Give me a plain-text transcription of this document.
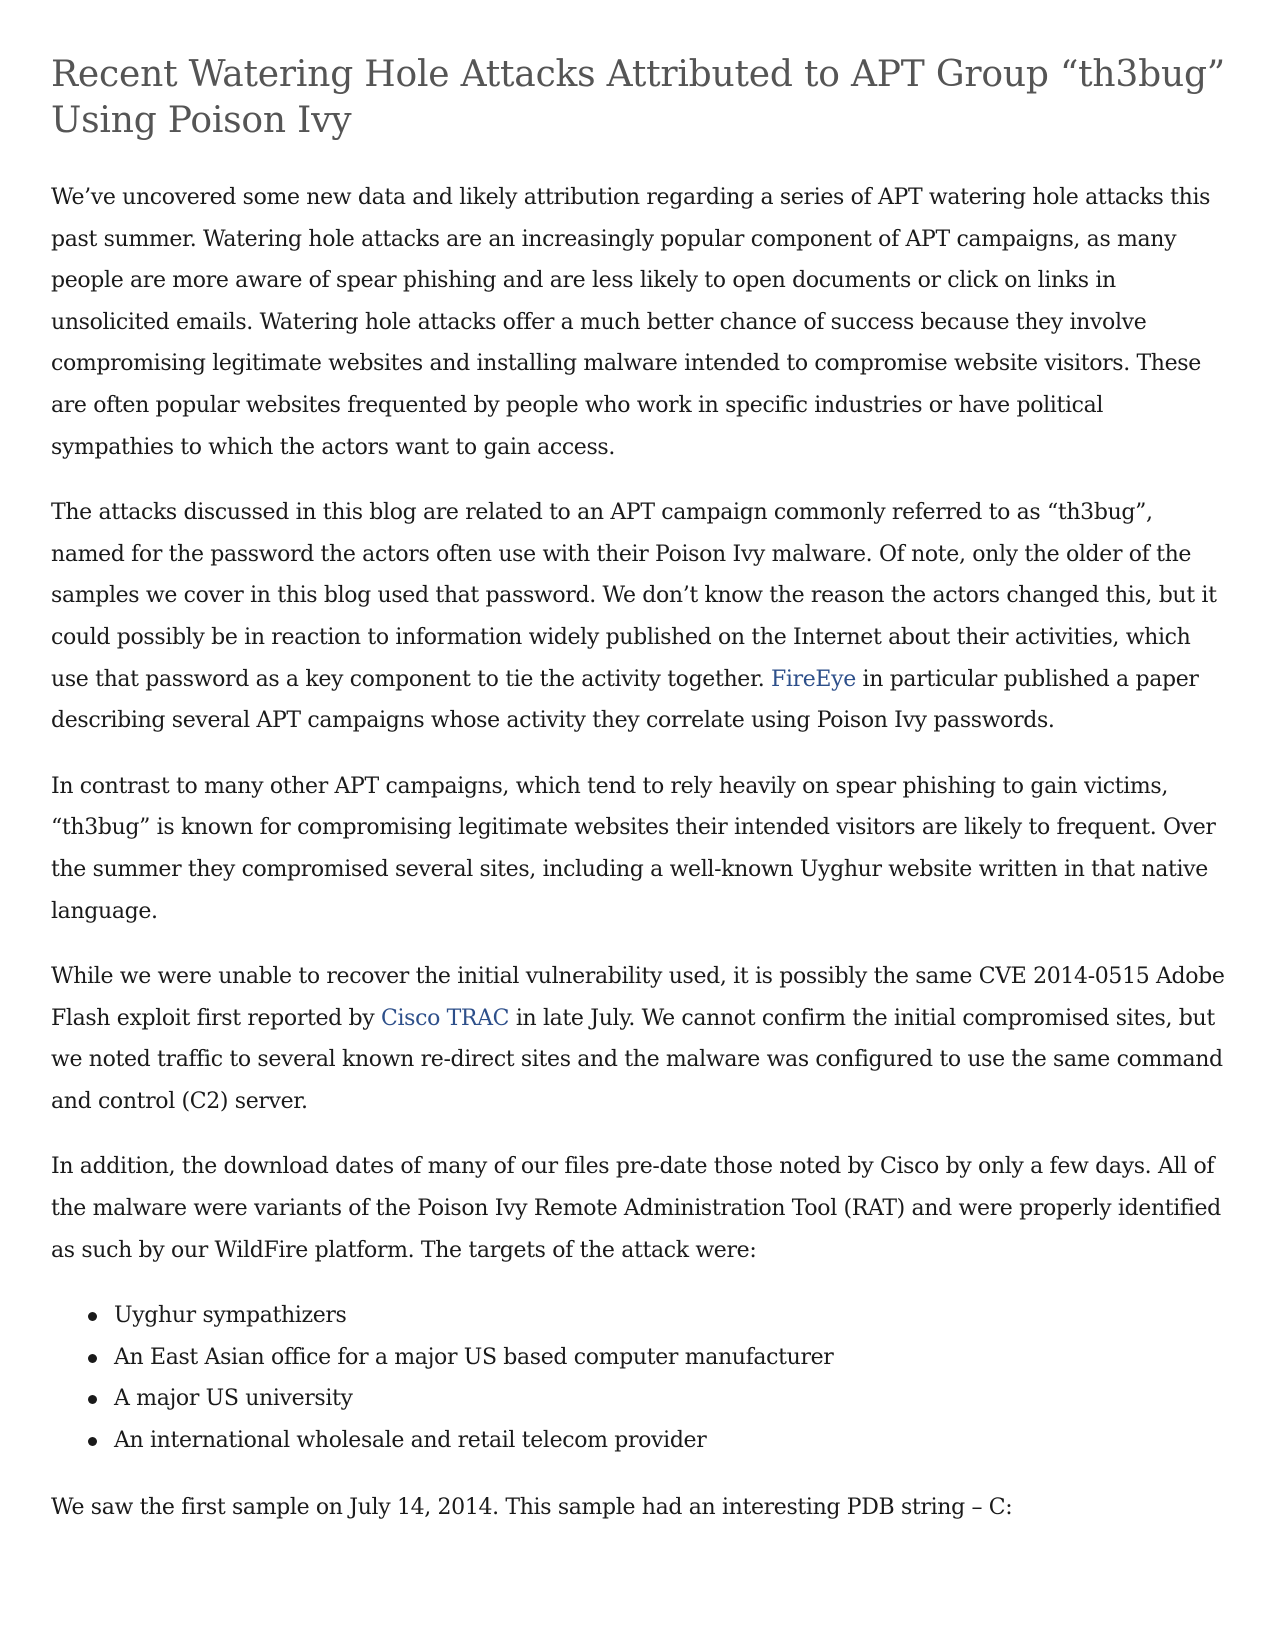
Recent Watering Hole Attacks Attributed to APT Group “th3bug” Using Poison Ivy

We’ve uncovered some new data and likely attribution regarding a series of APT watering hole attacks this past summer. Watering hole attacks are an increasingly popular component of APT campaigns, as many people are more aware of spear phishing and are less likely to open documents or click on links in unsolicited emails. Watering hole attacks offer a much better chance of success because they involve compromising legitimate websites and installing malware intended to compromise website visitors. These are often popular websites frequented by people who work in specific industries or have political sympathies to which the actors want to gain access.

The attacks discussed in this blog are related to an APT campaign commonly referred to as “th3bug”, named for the password the actors often use with their Poison Ivy malware. Of note, only the older of the samples we cover in this blog used that password. We don’t know the reason the actors changed this, but it could possibly be in reaction to information widely published on the Internet about their activities, which use that password as a key component to tie the activity together. FireEye in particular published a paper describing several APT campaigns whose activity they correlate using Poison Ivy passwords.

In contrast to many other APT campaigns, which tend to rely heavily on spear phishing to gain victims, “th3bug” is known for compromising legitimate websites their intended visitors are likely to frequent. Over the summer they compromised several sites, including a well-known Uyghur website written in that native language.

While we were unable to recover the initial vulnerability used, it is possibly the same CVE 2014-0515 Adobe Flash exploit first reported by Cisco TRAC in late July. We cannot confirm the initial compromised sites, but we noted traffic to several known re-direct sites and the malware was configured to use the same command and control (C2) server.

In addition, the download dates of many of our files pre-date those noted by Cisco by only a few days. All of the malware were variants of the Poison Ivy Remote Administration Tool (RAT) and were properly identified as such by our WildFire platform. The targets of the attack were:

Uyghur sympathizers
An East Asian office for a major US based computer manufacturer
A major US university
An international wholesale and retail telecom provider

We saw the first sample on July 14, 2014. This sample had an interesting PDB string – C:
